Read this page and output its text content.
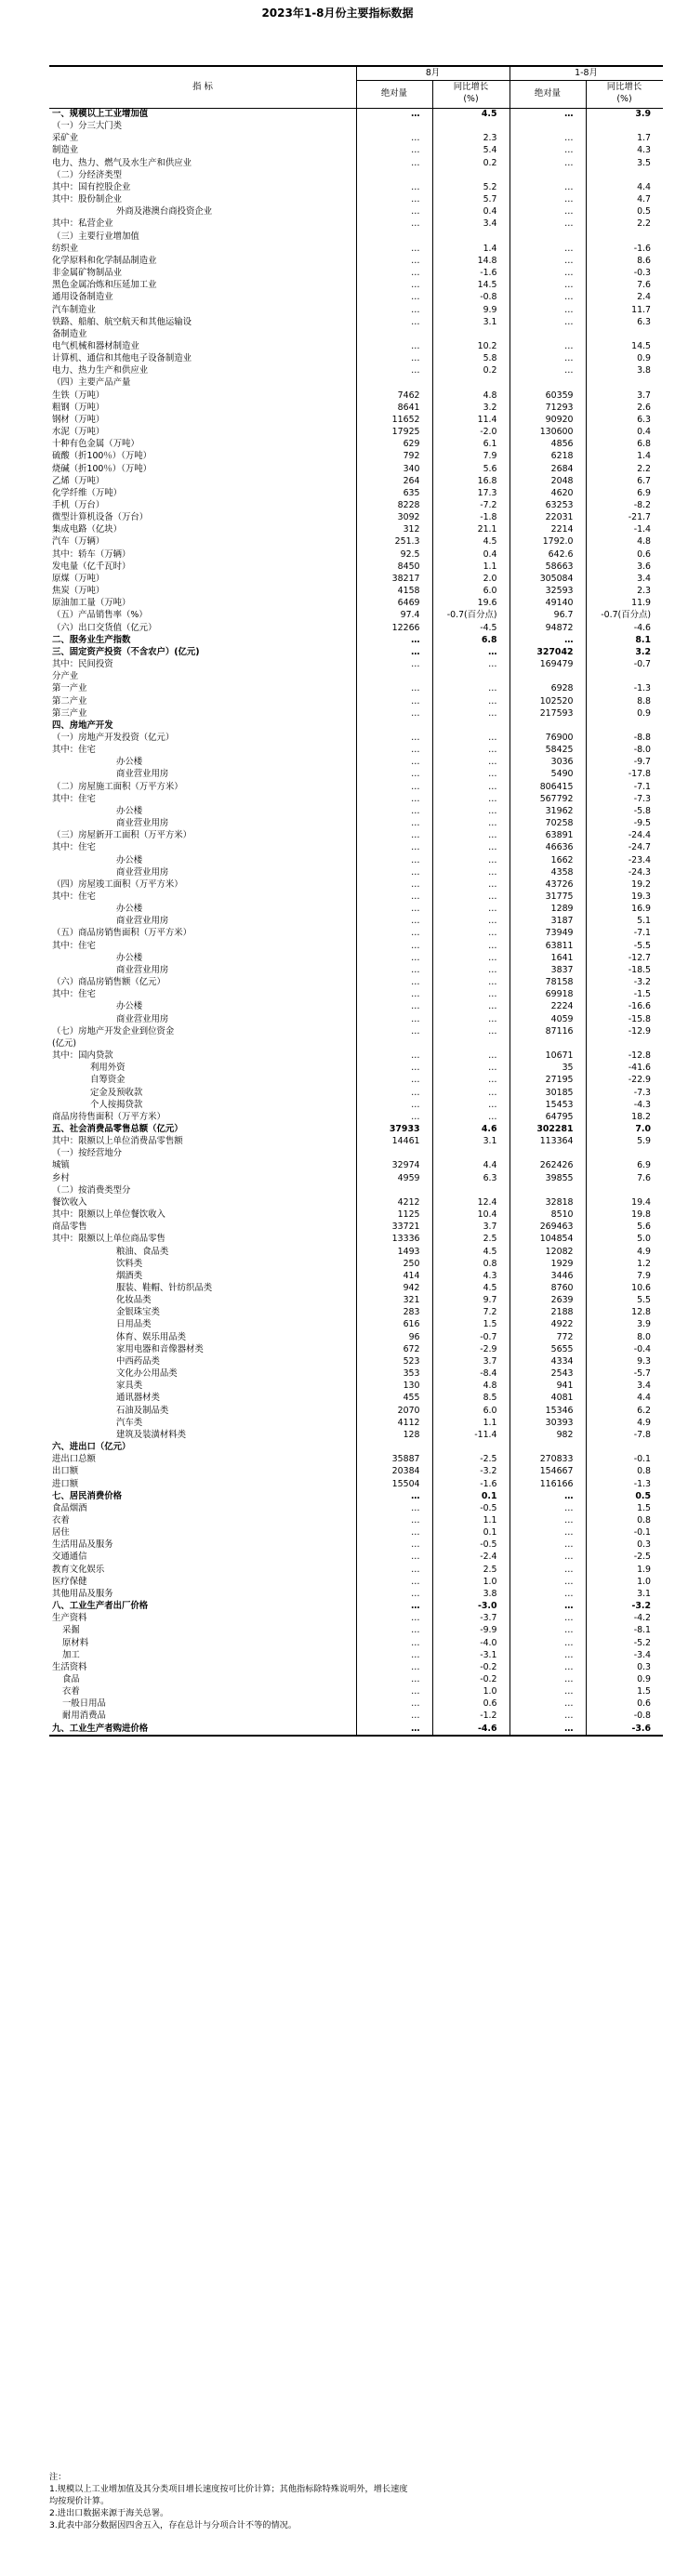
2023年1-8月份主要指标数据
指 标
8月	1-8月
绝对量
同比增长
(%)
绝对量
同比增长
(%)
一、规模以上工业增加值	…	4.5	…	3.9
（一）分三大门类				
采矿业	…	2.3	…	1.7
制造业	…	5.4	…	4.3
电力、热力、燃气及水生产和供应业	…	0.2	…	3.5
（二）分经济类型				
其中：国有控股企业	…	5.2	…	4.4
其中：股份制企业	…	5.7	…	4.7
外商及港澳台商投资企业	…	0.4	…	0.5
其中：私营企业	…	3.4	…	2.2
（三）主要行业增加值				
纺织业	…	1.4	…	-1.6
化学原料和化学制品制造业	…	14.8	…	8.6
非金属矿物制品业	…	-1.6	…	-0.3
黑色金属冶炼和压延加工业	…	14.5	…	7.6
通用设备制造业	…	-0.8	…	2.4
汽车制造业	…	9.9	…	11.7
铁路、船舶、航空航天和其他运输设	…	3.1	…	6.3
备制造业				
电气机械和器材制造业	…	10.2	…	14.5
计算机、通信和其他电子设备制造业	…	5.8	…	0.9
电力、热力生产和供应业	…	0.2	…	3.8
（四）主要产品产量				
生铁（万吨）	7462	4.8	60359	3.7
粗钢（万吨）	8641	3.2	71293	2.6
钢材（万吨）	11652	11.4	90920	6.3
水泥（万吨）	17925	-2.0	130600	0.4
十种有色金属（万吨）	629	6.1	4856	6.8
硫酸（折100％）（万吨）	792	7.9	6218	1.4
烧碱（折100％）（万吨）	340	5.6	2684	2.2
乙烯（万吨）	264	16.8	2048	6.7
化学纤维（万吨）	635	17.3	4620	6.9
手机（万台）	8228	-7.2	63253	-8.2
微型计算机设备（万台）	3092	-1.8	22031	-21.7
集成电路（亿块）	312	21.1	2214	-1.4
汽车（万辆）	251.3	4.5	1792.0	4.8
其中：轿车（万辆）	92.5	0.4	642.6	0.6
发电量（亿千瓦时）	8450	1.1	58663	3.6
原煤（万吨）	38217	2.0	305084	3.4
焦炭（万吨）	4158	6.0	32593	2.3
原油加工量（万吨）	6469	19.6	49140	11.9
（五）产品销售率（%）	97.4	-0.7(百分点)	96.7	-0.7(百分点)
（六）出口交货值（亿元）	12266	-4.5	94872	-4.6
二、服务业生产指数	…	6.8	…	8.1
三、固定资产投资（不含农户）(亿元)	…	…	327042	3.2
其中：民间投资	…	…	169479	-0.7
分产业				
第一产业	…	…	6928	-1.3
第二产业	…	…	102520	8.8
第三产业	…	…	217593	0.9
四、房地产开发				
（一）房地产开发投资（亿元）	…	…	76900	-8.8
其中：住宅	…	…	58425	-8.0
办公楼	…	…	3036	-9.7
商业营业用房	…	…	5490	-17.8
（二）房屋施工面积（万平方米）	…	…	806415	-7.1
其中：住宅	…	…	567792	-7.3
办公楼	…	…	31962	-5.8
商业营业用房	…	…	70258	-9.5
（三）房屋新开工面积（万平方米）	…	…	63891	-24.4
其中：住宅	…	…	46636	-24.7
办公楼	…	…	1662	-23.4
商业营业用房	…	…	4358	-24.3
（四）房屋竣工面积（万平方米）	…	…	43726	19.2
其中：住宅	…	…	31775	19.3
办公楼	…	…	1289	16.9
商业营业用房	…	…	3187	5.1
（五）商品房销售面积（万平方米）	…	…	73949	-7.1
其中：住宅	…	…	63811	-5.5
办公楼	…	…	1641	-12.7
商业营业用房	…	…	3837	-18.5
（六）商品房销售额（亿元）	…	…	78158	-3.2
其中：住宅	…	…	69918	-1.5
办公楼	…	…	2224	-16.6
商业营业用房	…	…	4059	-15.8
（七）房地产开发企业到位资金	…	…	87116	-12.9
(亿元)				
其中：国内贷款	…	…	10671	-12.8
利用外资	…	…	35	-41.6
自筹资金	…	…	27195	-22.9
定金及预收款	…	…	30185	-7.3
个人按揭贷款	…	…	15453	-4.3
商品房待售面积（万平方米）	…	…	64795	18.2
五、社会消费品零售总额（亿元）	37933	4.6	302281	7.0
其中：限额以上单位消费品零售额	14461	3.1	113364	5.9
（一）按经营地分				
城镇	32974	4.4	262426	6.9
乡村	4959	6.3	39855	7.6
（二）按消费类型分				
餐饮收入	4212	12.4	32818	19.4
其中：限额以上单位餐饮收入	1125	10.4	8510	19.8
商品零售	33721	3.7	269463	5.6
其中：限额以上单位商品零售	13336	2.5	104854	5.0
粮油、食品类	1493	4.5	12082	4.9
饮料类	250	0.8	1929	1.2
烟酒类	414	4.3	3446	7.9
服装、鞋帽、针纺织品类	942	4.5	8760	10.6
化妆品类	321	9.7	2639	5.5
金银珠宝类	283	7.2	2188	12.8
日用品类	616	1.5	4922	3.9
体育、娱乐用品类	96	-0.7	772	8.0
家用电器和音像器材类	672	-2.9	5655	-0.4
中西药品类	523	3.7	4334	9.3
文化办公用品类	353	-8.4	2543	-5.7
家具类	130	4.8	941	3.4
通讯器材类	455	8.5	4081	4.4
石油及制品类	2070	6.0	15346	6.2
汽车类	4112	1.1	30393	4.9
建筑及装潢材料类	128	-11.4	982	-7.8
六、进出口（亿元）				
进出口总额	35887	-2.5	270833	-0.1
出口额	20384	-3.2	154667	0.8
进口额	15504	-1.6	116166	-1.3
七、居民消费价格	…	0.1	…	0.5
食品烟酒	…	-0.5	…	1.5
衣着	…	1.1	…	0.8
居住	…	0.1	…	-0.1
生活用品及服务	…	-0.5	…	0.3
交通通信	…	-2.4	…	-2.5
教育文化娱乐	…	2.5	…	1.9
医疗保健	…	1.0	…	1.0
其他用品及服务	…	3.8	…	3.1
八、工业生产者出厂价格	…	-3.0	…	-3.2
生产资料	…	-3.7	…	-4.2
采掘	…	-9.9	…	-8.1
原材料	…	-4.0	…	-5.2
加工	…	-3.1	…	-3.4
生活资料	…	-0.2	…	0.3
食品	…	-0.2	…	0.9
衣着	…	1.0	…	1.5
一般日用品	…	0.6	…	0.6
耐用消费品	…	-1.2	…	-0.8
九、工业生产者购进价格	…	-4.6	…	-3.6
注：
1.规模以上工业增加值及其分类项目增长速度按可比价计算；其他指标除特殊说明外，增长速度
均按现价计算。
2.进出口数据来源于海关总署。
3.此表中部分数据因四舍五入，存在总计与分项合计不等的情况。
